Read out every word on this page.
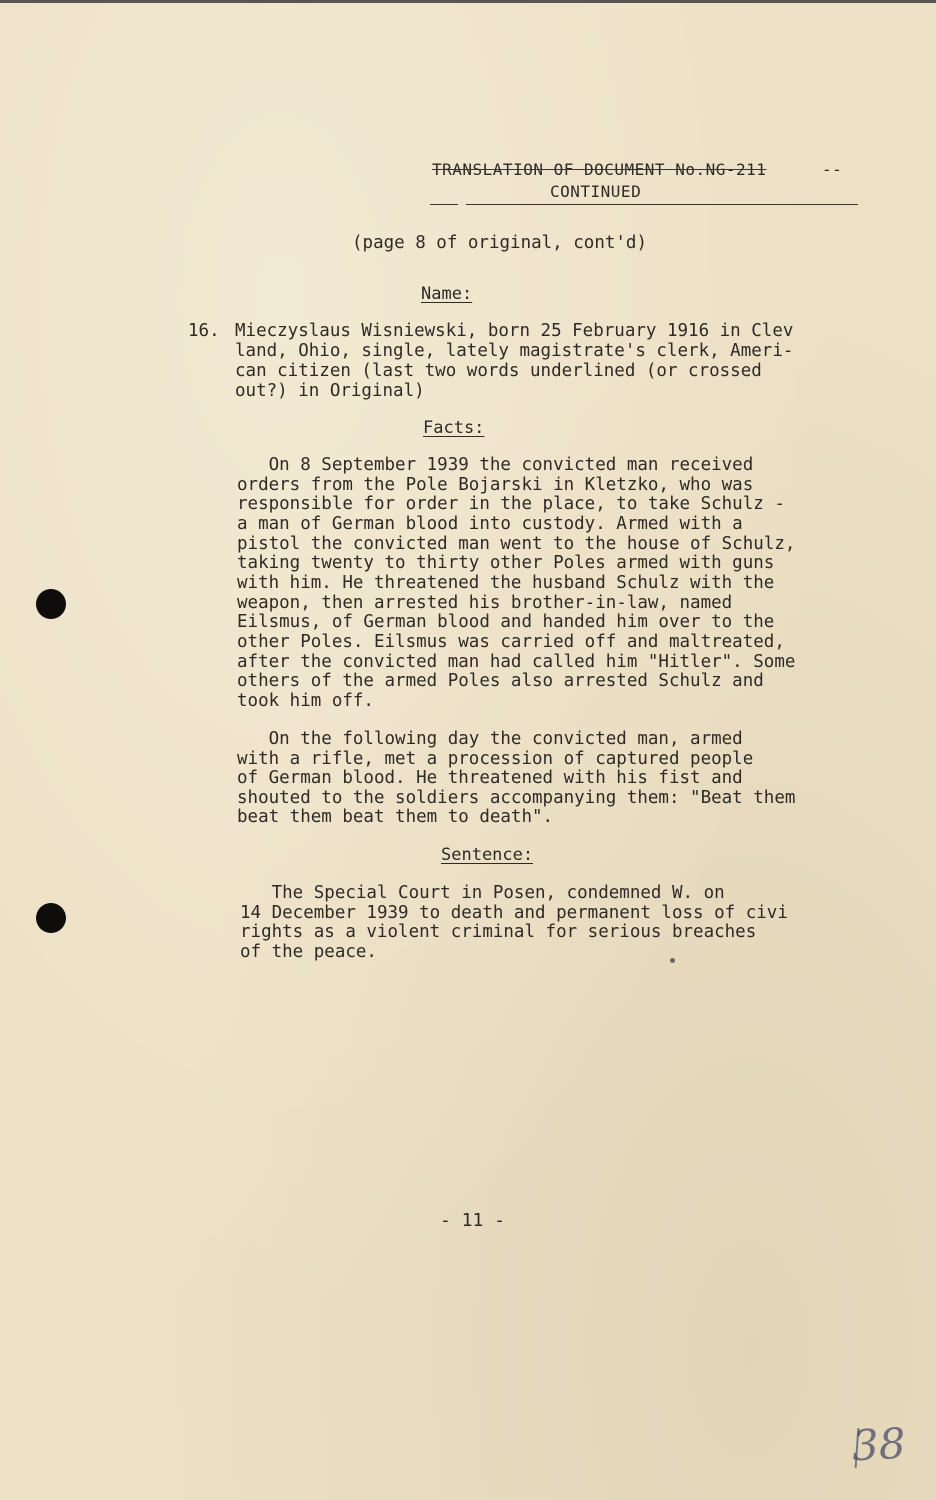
TRANSLATION OF DOCUMENT No.NG-211	--
CONTINUED
(page 8 of original, cont'd)
Name:
16. Mieczyslaus Wisniewski, born 25 February 1916 in Clev
land, Ohio, single, lately magistrate's clerk, Ameri-
can citizen (last two words underlined (or crossed
out?) in Original)
Facts:
On 8 September 1939 the convicted man received
orders from the Pole Bojarski in Kletzko, who was
responsible for order in the place, to take Schulz -
a man of German blood into custody. Armed with a
pistol the convicted man went to the house of Schulz,
taking twenty to thirty other Poles armed with guns
with him. He threatened the husband Schulz with the
weapon, then arrested his brother-in-law, named
Eilsmus, of German blood and handed him over to the
other Poles. Eilsmus was carried off and maltreated,
after the convicted man had called him "Hitler". Some
others of the armed Poles also arrested Schulz and
took him off.
On the following day the convicted man, armed
with a rifle, met a procession of captured people
of German blood. He threatened with his fist and
shouted to the soldiers accompanying them: "Beat them
beat them beat them to death".
Sentence:
The Special Court in Posen, condemned W. on
14 December 1939 to death and permanent loss of civi
rights as a violent criminal for serious breaches
of the peace.
- 11 -
38
